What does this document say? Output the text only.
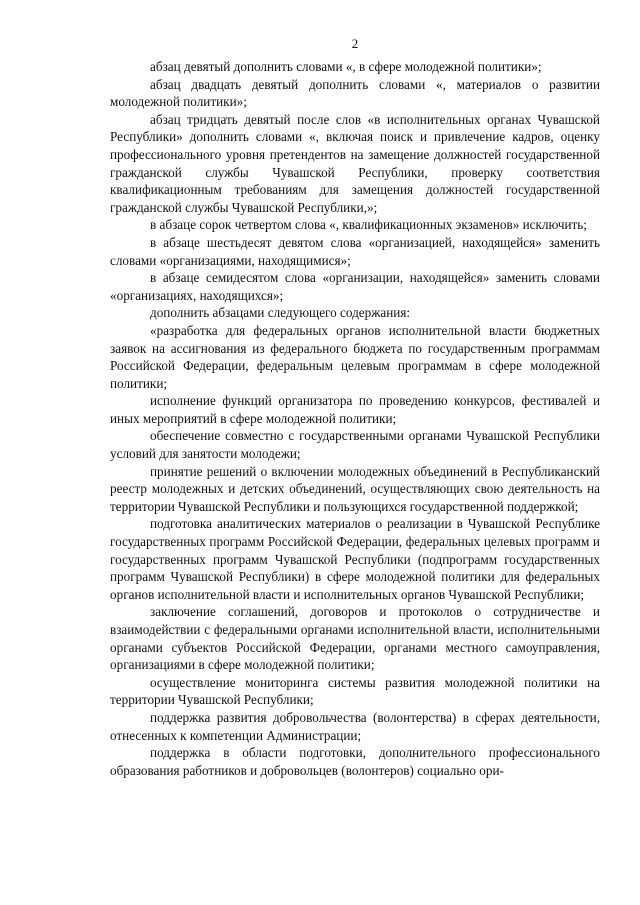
2

абзац девятый дополнить словами «, в сфере молодежной политики»;

абзац двадцать девятый дополнить словами «, материалов о развитии молодежной политики»;

абзац тридцать девятый после слов «в исполнительных органах Чувашской Республики» дополнить словами «, включая поиск и привлечение кадров, оценку профессионального уровня претендентов на замещение должностей государственной гражданской службы Чувашской Республики, проверку соответствия квалификационным требованиям для замещения должностей государственной гражданской службы Чувашской Республики,»;

в абзаце сорок четвертом слова «, квалификационных экзаменов» исключить;

в абзаце шестьдесят девятом слова «организацией, находящейся» заменить словами «организациями, находящимися»;

в абзаце семидесятом слова «организации, находящейся» заменить словами «организациях, находящихся»;

дополнить абзацами следующего содержания:

«разработка для федеральных органов исполнительной власти бюджетных заявок на ассигнования из федерального бюджета по государственным программам Российской Федерации, федеральным целевым программам в сфере молодежной политики;

исполнение функций организатора по проведению конкурсов, фестивалей и иных мероприятий в сфере молодежной политики;

обеспечение совместно с государственными органами Чувашской Республики условий для занятости молодежи;

принятие решений о включении молодежных объединений в Республиканский реестр молодежных и детских объединений, осуществляющих свою деятельность на территории Чувашской Республики и пользующихся государственной поддержкой;

подготовка аналитических материалов о реализации в Чувашской Республике государственных программ Российской Федерации, федеральных целевых программ и государственных программ Чувашской Республики (подпрограмм государственных программ Чувашской Республики) в сфере молодежной политики для федеральных органов исполнительной власти и исполнительных органов Чувашской Республики;

заключение соглашений, договоров и протоколов о сотрудничестве и взаимодействии с федеральными органами исполнительной власти, исполнительными органами субъектов Российской Федерации, органами местного самоуправления, организациями в сфере молодежной политики;

осуществление мониторинга системы развития молодежной политики на территории Чувашской Республики;

поддержка развития добровольчества (волонтерства) в сферах деятельности, отнесенных к компетенции Администрации;

поддержка в области подготовки, дополнительного профессионального образования работников и добровольцев (волонтеров) социально ори-
